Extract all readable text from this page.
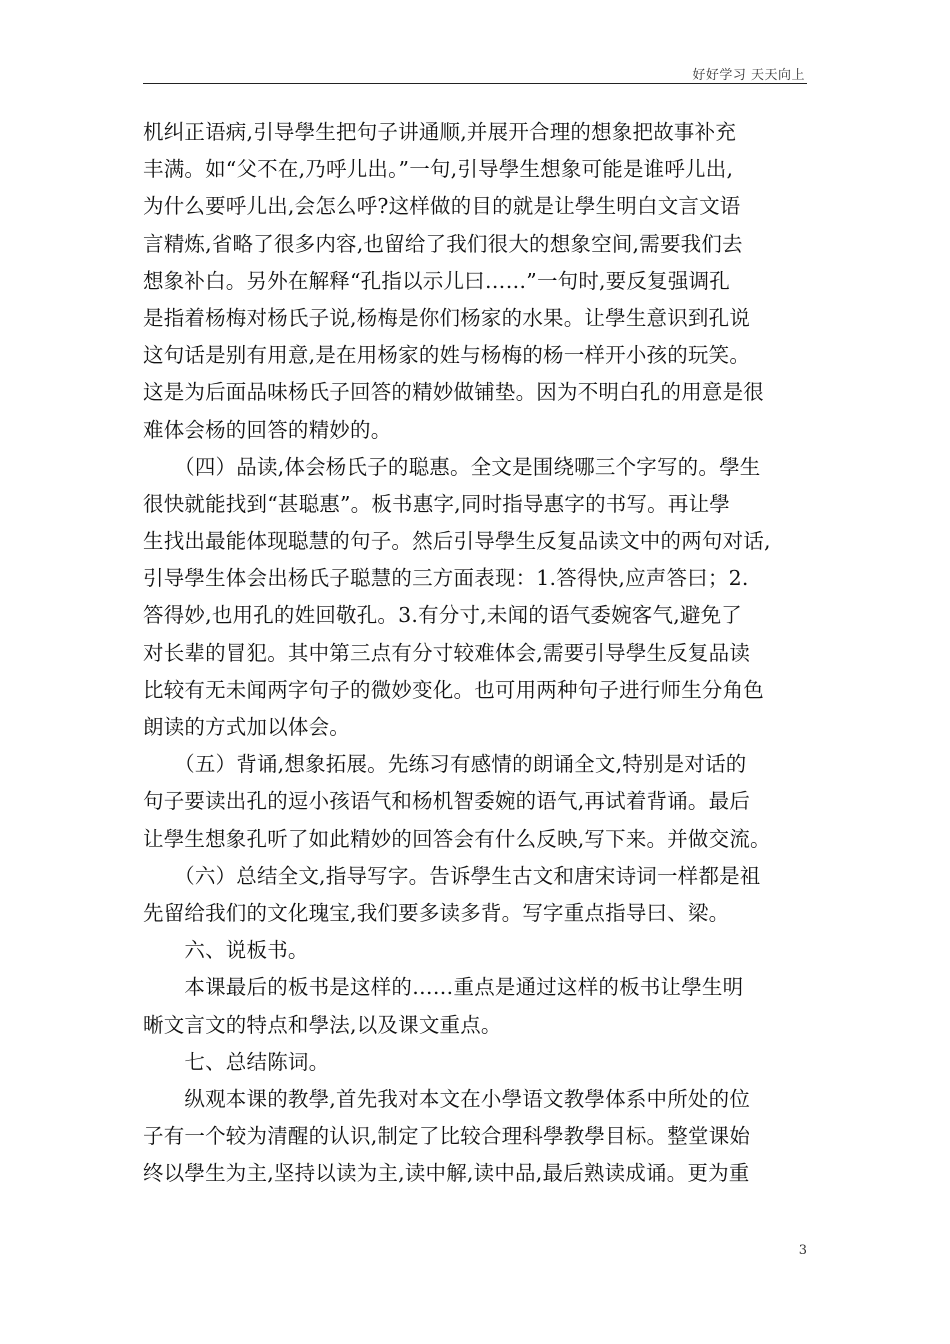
好好学习 天天向上
机纠正语病,引导學生把句子讲通顺,并展开合理的想象把故事补充
丰满。如“父不在,乃呼儿出。”一句,引导學生想象可能是谁呼儿出,
为什么要呼儿出,会怎么呼?这样做的目的就是让學生明白文言文语
言精炼,省略了很多内容,也留给了我们很大的想象空间,需要我们去
想象补白。另外在解释“孔指以示儿曰……”一句时,要反复强调孔
是指着杨梅对杨氏子说,杨梅是你们杨家的水果。让學生意识到孔说
这句话是别有用意,是在用杨家的姓与杨梅的杨一样开小孩的玩笑。
这是为后面品味杨氏子回答的精妙做铺垫。因为不明白孔的用意是很
难体会杨的回答的精妙的。
　　（四）品读,体会杨氏子的聪惠。全文是围绕哪三个字写的。學生
很快就能找到“甚聪惠”。板书惠字,同时指导惠字的书写。再让學
生找出最能体现聪慧的句子。然后引导學生反复品读文中的两句对话,
引导學生体会出杨氏子聪慧的三方面表现：1.答得快,应声答曰；2.
答得妙,也用孔的姓回敬孔。3.有分寸,未闻的语气委婉客气,避免了
对长辈的冒犯。其中第三点有分寸较难体会,需要引导學生反复品读
比较有无未闻两字句子的微妙变化。也可用两种句子进行师生分角色
朗读的方式加以体会。
　　（五）背诵,想象拓展。先练习有感情的朗诵全文,特别是对话的
句子要读出孔的逗小孩语气和杨机智委婉的语气,再试着背诵。最后
让學生想象孔听了如此精妙的回答会有什么反映,写下来。并做交流。
　　（六）总结全文,指导写字。告诉學生古文和唐宋诗词一样都是祖
先留给我们的文化瑰宝,我们要多读多背。写字重点指导曰、梁。
　　六、说板书。
　　本课最后的板书是这样的……重点是通过这样的板书让學生明
晰文言文的特点和學法,以及课文重点。
　　七、总结陈词。
　　纵观本课的教學,首先我对本文在小學语文教學体系中所处的位
子有一个较为清醒的认识,制定了比较合理科學教學目标。整堂课始
终以學生为主,坚持以读为主,读中解,读中品,最后熟读成诵。更为重
3
